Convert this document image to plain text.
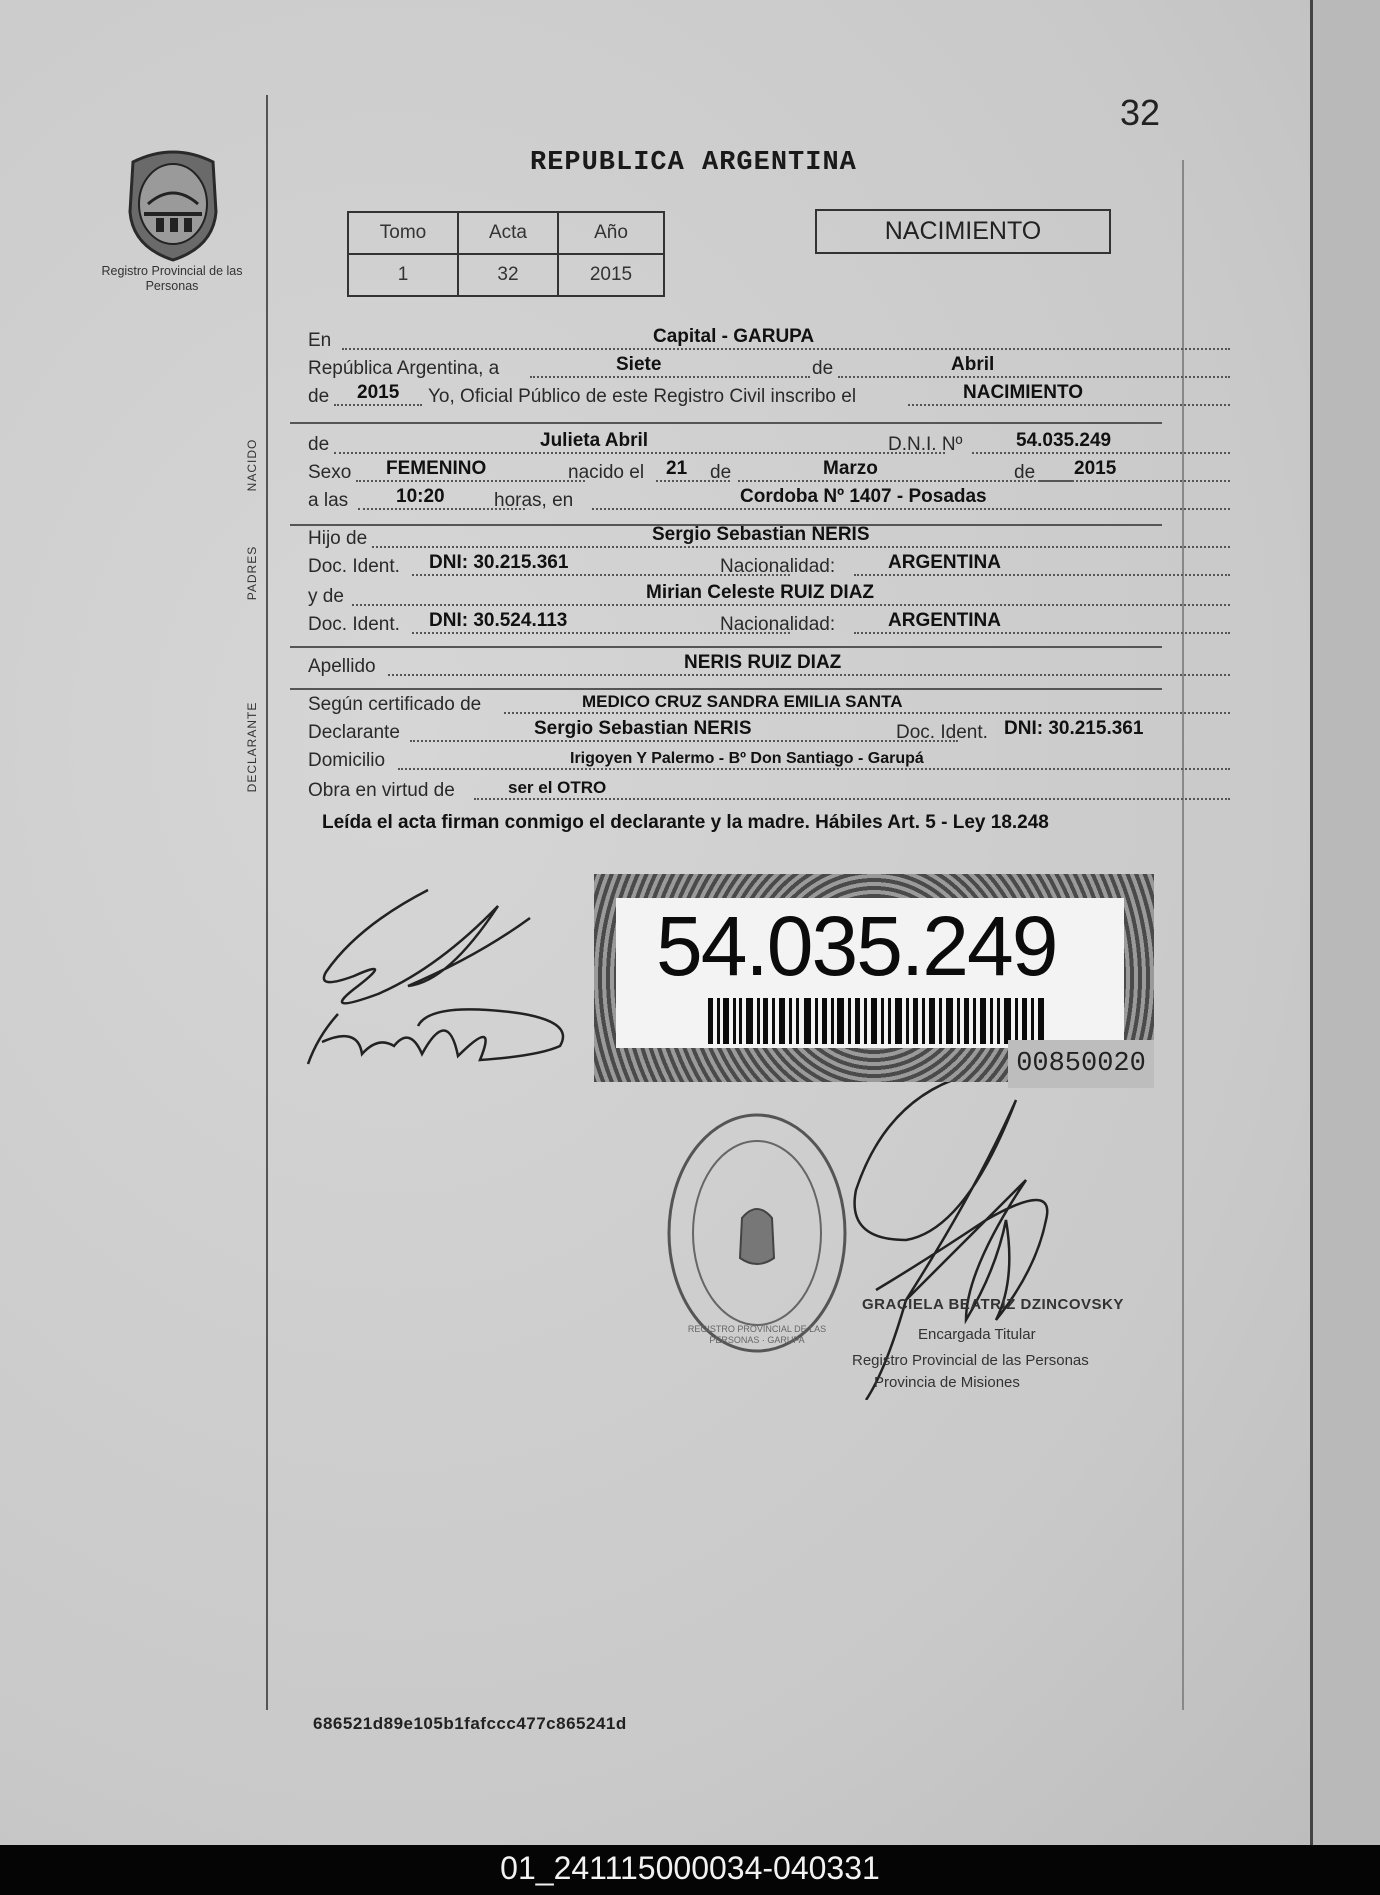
32
Registro Provincial de las Personas
REPUBLICA ARGENTINA
Tomo	Acta	Año
1	32	2015
NACIMIENTO
En	Capital - GARUPA
República Argentina, a	Siete	de	Abril
de 2015 Yo, Oficial Público de este Registro Civil inscribo el	NACIMIENTO
de	Julieta Abril	D.N.I. Nº	54.035.249
Sexo FEMENINO	nacido el 21 de	Marzo	de 2015
a las	10:20	horas, en	Cordoba Nº 1407 - Posadas
NACIDO
Hijo de	Sergio Sebastian NERIS
Doc. Ident. DNI: 30.215.361	Nacionalidad:	ARGENTINA
y de	Mirian Celeste RUIZ DIAZ
Doc. Ident. DNI: 30.524.113	Nacionalidad:	ARGENTINA
PADRES
Apellido	NERIS RUIZ DIAZ
Según certificado de	MEDICO CRUZ SANDRA EMILIA SANTA
Declarante	Sergio Sebastian NERIS	Doc. Ident. DNI: 30.215.361
Domicilio	Irigoyen Y Palermo - Bº Don Santiago - Garupá
Obra en virtud de	ser el OTRO
DECLARANTE
Leída el acta firman conmigo el declarante y la madre. Hábiles Art. 5 - Ley 18.248
54.035.249
00850020
REGISTRO PROVINCIAL DE LAS PERSONAS · GARUPA
GRACIELA BEATRIZ DZINCOVSKY
Encargada Titular
Registro Provincial de las Personas
Provincia de Misiones
686521d89e105b1fafccc477c865241d
01_241115000034-040331
